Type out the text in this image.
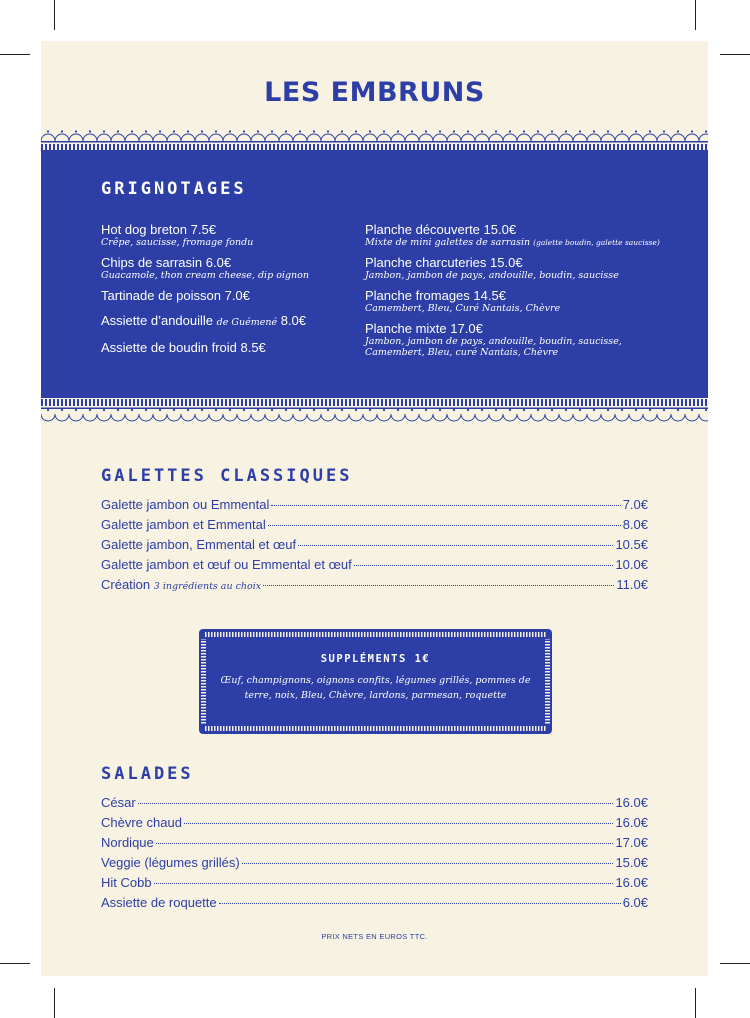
LES EMBRUNS
GRIGNOTAGES
Hot dog breton 7.5€
Crêpe, saucisse, fromage fondu
Chips de sarrasin 6.0€
Guacamole, thon cream cheese, dip oignon
Tartinade de poisson 7.0€
Assiette d’andouille de Guémené 8.0€
Assiette de boudin froid 8.5€
Planche découverte 15.0€
Mixte de mini galettes de sarrasin (galette boudin, galette saucisse)
Planche charcuteries 15.0€
Jambon, jambon de pays, andouille, boudin, saucisse
Planche fromages 14.5€
Camembert, Bleu, Curé Nantais, Chèvre
Planche mixte 17.0€
Jambon, jambon de pays, andouille, boudin, saucisse, Camembert, Bleu, curé Nantais, Chèvre
GALETTES CLASSIQUES
Galette jambon ou Emmental	7.0€
Galette jambon et Emmental	8.0€
Galette jambon, Emmental et œuf	10.5€
Galette jambon et œuf ou Emmental et œuf	10.0€
Création 3 ingrédients au choix	11.0€
SUPPLÉMENTS 1€
Œuf, champignons, oignons confits, légumes grillés, pommes de terre, noix, Bleu, Chèvre, lardons, parmesan, roquette
SALADES
César	16.0€
Chèvre chaud	16.0€
Nordique	17.0€
Veggie (légumes grillés)	15.0€
Hit Cobb	16.0€
Assiette de roquette	6.0€
PRIX NETS EN EUROS TTC.
